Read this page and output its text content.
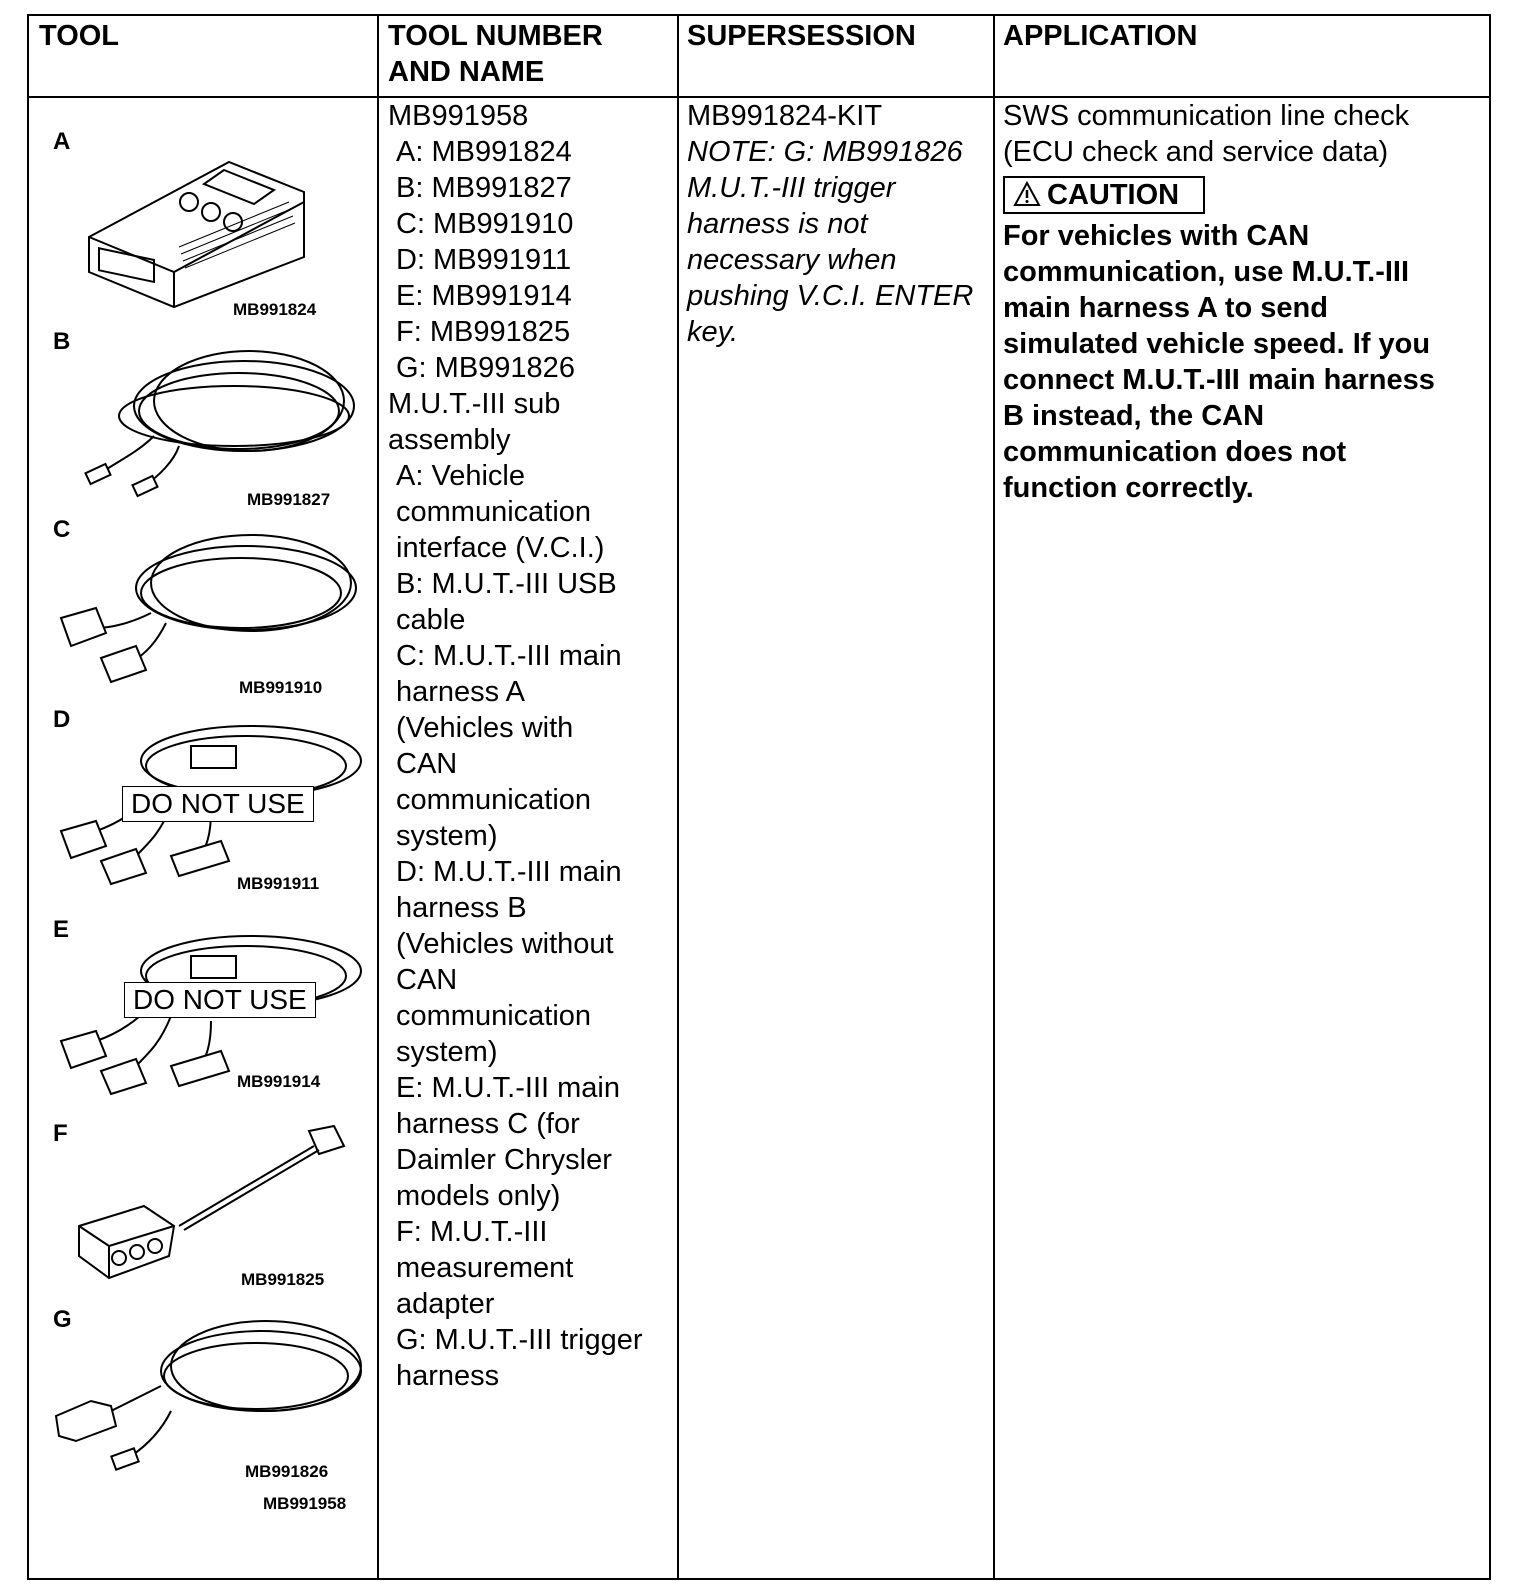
TOOL	TOOL NUMBER
AND NAME
SUPERSESSION	APPLICATION
A
MB991824
B
MB991827
C
MB991910
D
DO NOT USE
MB991911
E
DO NOT USE
MB991914
F
MB991825
G
MB991826
MB991958
MB991958
A: MB991824
B: MB991827
C: MB991910
D: MB991911
E: MB991914
F: MB991825
G: MB991826
M.U.T.-III sub
assembly
A: Vehicle
communication
interface (V.C.I.)
B: M.U.T.-III USB
cable
C: M.U.T.-III main
harness A
(Vehicles with
CAN
communication
system)
D: M.U.T.-III main
harness B
(Vehicles without
CAN
communication
system)
E: M.U.T.-III main
harness C (for
Daimler Chrysler
models only)
F: M.U.T.-III
measurement
adapter
G: M.U.T.-III trigger
harness
MB991824-KIT
NOTE: G: MB991826
M.U.T.-III trigger
harness is not
necessary when
pushing V.C.I. ENTER
key.
SWS communication line check
(ECU check and service data)
CAUTION
For vehicles with CAN
communication, use M.U.T.-III
main harness A to send
simulated vehicle speed. If you
connect M.U.T.-III main harness
B instead, the CAN
communication does not
function correctly.
